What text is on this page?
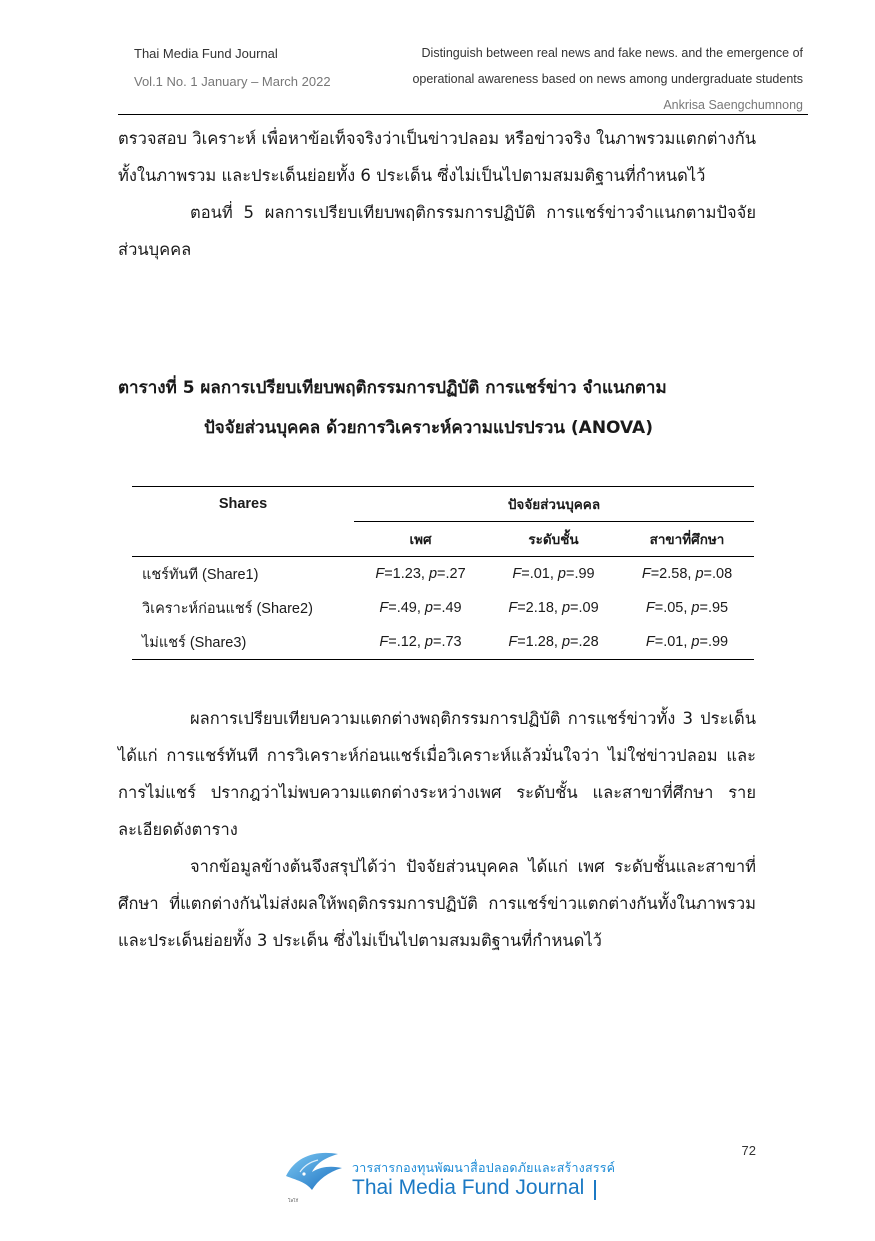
Thai Media Fund Journal
Vol.1 No. 1 January – March 2022
Distinguish between real news and fake news. and the emergence of
operational awareness based on news among undergraduate students
Ankrisa Saengchumnong

ตรวจสอบ วิเคราะห์ เพื่อหาข้อเท็จจริงว่าเป็นข่าวปลอม หรือข่าวจริง ในภาพรวมแตกต่างกันทั้งในภาพรวม และประเด็นย่อยทั้ง 6 ประเด็น ซึ่งไม่เป็นไปตามสมมติฐานที่กำหนดไว้

ตอนที่ 5 ผลการเปรียบเทียบพฤติกรรมการปฏิบัติ การแชร์ข่าวจำแนกตามปัจจัยส่วนบุคคล

ตารางที่ 5 ผลการเปรียบเทียบพฤติกรรมการปฏิบัติ การแชร์ข่าว จำแนกตาม
ปัจจัยส่วนบุคคล ด้วยการวิเคราะห์ความแปรปรวน (ANOVA)
Shares	ปัจจัยส่วนบุคคล		
	เพศ	ระดับชั้น	สาขาที่ศึกษา
แชร์ทันที (Share1)	F=1.23, p=.27	F=.01, p=.99	F=2.58, p=.08
วิเคราะห์ก่อนแชร์ (Share2)	F=.49, p=.49	F=2.18, p=.09	F=.05, p=.95
ไม่แชร์ (Share3)	F=.12, p=.73	F=1.28, p=.28	F=.01, p=.99

ผลการเปรียบเทียบความแตกต่างพฤติกรรมการปฏิบัติ การแชร์ข่าวทั้ง 3 ประเด็น ได้แก่ การแชร์ทันที การวิเคราะห์ก่อนแชร์เมื่อวิเคราะห์แล้วมั่นใจว่า ไม่ใช่ข่าวปลอม และการไม่แชร์ ปรากฎว่าไม่พบความแตกต่างระหว่างเพศ ระดับชั้น และสาขาที่ศึกษา รายละเอียดดังตาราง

จากข้อมูลข้างต้นจึงสรุปได้ว่า ปัจจัยส่วนบุคคล ได้แก่ เพศ ระดับชั้นและสาขาที่ศึกษา ที่แตกต่างกันไม่ส่งผลให้พฤติกรรมการปฏิบัติ การแชร์ข่าวแตกต่างกันทั้งในภาพรวมและประเด็นย่อยทั้ง 3 ประเด็น ซึ่งไม่เป็นไปตามสมมติฐานที่กำหนดไว้

72
โลโก้
วารสารกองทุนพัฒนาสื่อปลอดภัยและสร้างสรรค์
Thai Media Fund Journal
